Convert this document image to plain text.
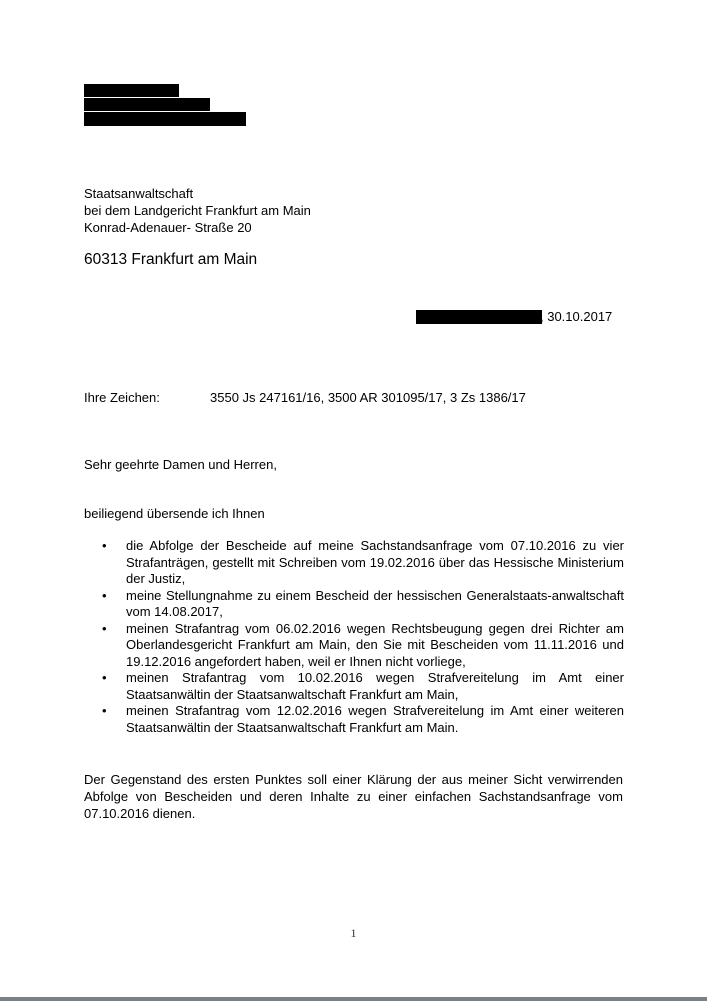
Staatsanwaltschaft
bei dem Landgericht Frankfurt am Main
Konrad-Adenauer- Straße 20
60313 Frankfurt am Main
, 30.10.2017
Ihre Zeichen:	3550 Js 247161/16, 3500 AR 301095/17, 3 Zs 1386/17
Sehr geehrte Damen und Herren,
beiliegend übersende ich Ihnen
• die Abfolge der Bescheide auf meine Sachstandsanfrage vom 07.10.2016 zu vier Strafanträgen, gestellt mit Schreiben vom 19.02.2016 über das Hessische Ministerium der Justiz,
• meine Stellungnahme zu einem Bescheid der hessischen Generalstaats-anwaltschaft vom 14.08.2017,
• meinen Strafantrag vom 06.02.2016 wegen Rechtsbeugung gegen drei Richter am Oberlandesgericht Frankfurt am Main, den Sie mit Bescheiden vom 11.11.2016 und 19.12.2016 angefordert haben, weil er Ihnen nicht vorliege,
• meinen Strafantrag vom 10.02.2016 wegen Strafvereitelung im Amt einer Staatsanwältin der Staatsanwaltschaft Frankfurt am Main,
• meinen Strafantrag vom 12.02.2016 wegen Strafvereitelung im Amt einer weiteren Staatsanwältin der Staatsanwaltschaft Frankfurt am Main.
Der Gegenstand des ersten Punktes soll einer Klärung der aus meiner Sicht verwirrenden Abfolge von Bescheiden und deren Inhalte zu einer einfachen Sachstandsanfrage vom 07.10.2016 dienen.
1
